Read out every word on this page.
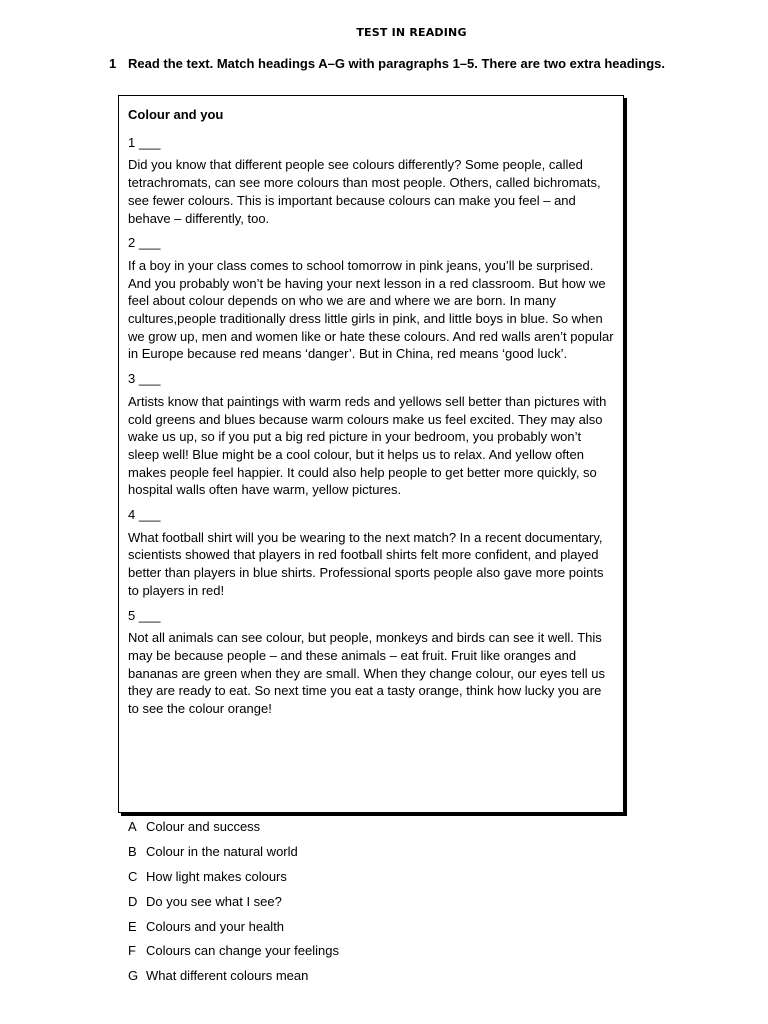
TEST IN READING
1 Read the text. Match headings A–G with paragraphs 1–5. There are two extra headings.
Colour and you
1 ___
Did you know that different people see colours differently? Some people, called tetrachromats, can see more colours than most people. Others, called bichromats, see fewer colours. This is important because colours can make you feel – and behave – differently, too.
2 ___
If a boy in your class comes to school tomorrow in pink jeans, you’ll be surprised. And you probably won’t be having your next lesson in a red classroom. But how we feel about colour depends on who we are and where we are born. In many cultures,people traditionally dress little girls in pink, and little boys in blue. So when we grow up, men and women like or hate these colours. And red walls aren’t popular in Europe because red means ‘danger’. But in China, red means ‘good luck’.
3 ___
Artists know that paintings with warm reds and yellows sell better than pictures with cold greens and blues because warm colours make us feel excited. They may also wake us up, so if you put a big red picture in your bedroom, you probably won’t sleep well! Blue might be a cool colour, but it helps us to relax. And yellow often makes people feel happier. It could also help people to get better more quickly, so hospital walls often have warm, yellow pictures.
4 ___
What football shirt will you be wearing to the next match? In a recent documentary, scientists showed that players in red football shirts felt more confident, and played better than players in blue shirts. Professional sports people also gave more points to players in red!
5 ___
Not all animals can see colour, but people, monkeys and birds can see it well. This may be because people – and these animals – eat fruit. Fruit like oranges and bananas are green when they are small. When they change colour, our eyes tell us they are ready to eat. So next time you eat a tasty orange, think how lucky you are to see the colour orange!
A Colour and success
B Colour in the natural world
C How light makes colours
D Do you see what I see?
E Colours and your health
F Colours can change your feelings
G What different colours mean
